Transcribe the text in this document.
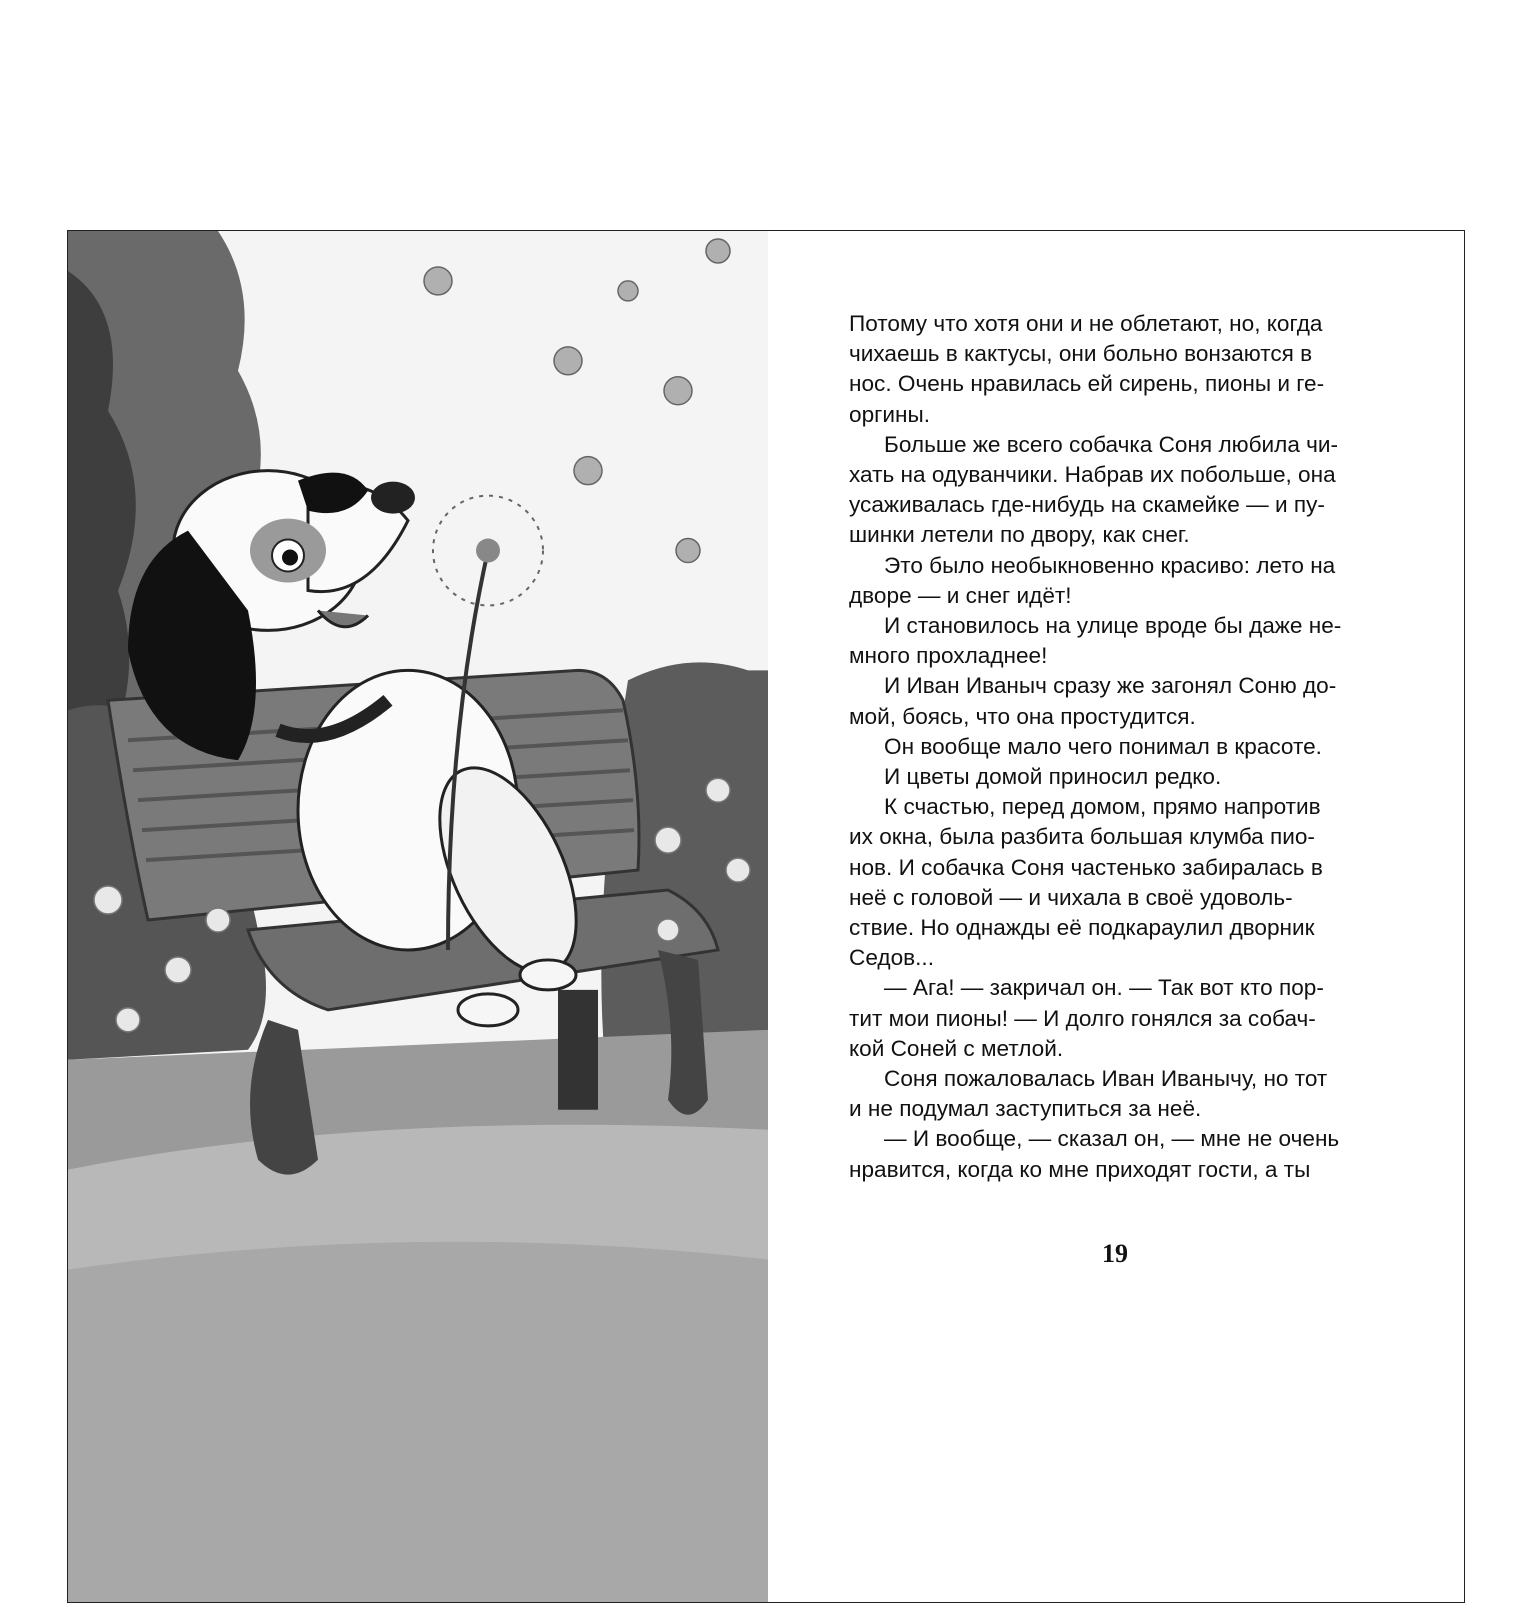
Потому что хотя они и не облетают, но, когда
чихаешь в кактусы, они больно вонзаются в
нос. Очень нравилась ей сирень, пионы и ге-
оргины.
Больше же всего собачка Соня любила чи-
хать на одуванчики. Набрав их побольше, она
усаживалась где-нибудь на скамейке — и пу-
шинки летели по двору, как снег.
Это было необыкновенно красиво: лето на
дворе — и снег идёт!
И становилось на улице вроде бы даже не-
много прохладнее!
И Иван Иваныч сразу же загонял Соню до-
мой, боясь, что она простудится.
Он вообще мало чего понимал в красоте.
И цветы домой приносил редко.
К счастью, перед домом, прямо напротив
их окна, была разбита большая клумба пио-
нов. И собачка Соня частенько забиралась в
неё с головой — и чихала в своё удоволь-
ствие. Но однажды её подкараулил дворник
Седов...
— Ага! — закричал он. — Так вот кто пор-
тит мои пионы! — И долго гонялся за собач-
кой Соней с метлой.
Соня пожаловалась Иван Иванычу, но тот
и не подумал заступиться за неё.
— И вообще, — сказал он, — мне не очень
нравится, когда ко мне приходят гости, а ты
19
